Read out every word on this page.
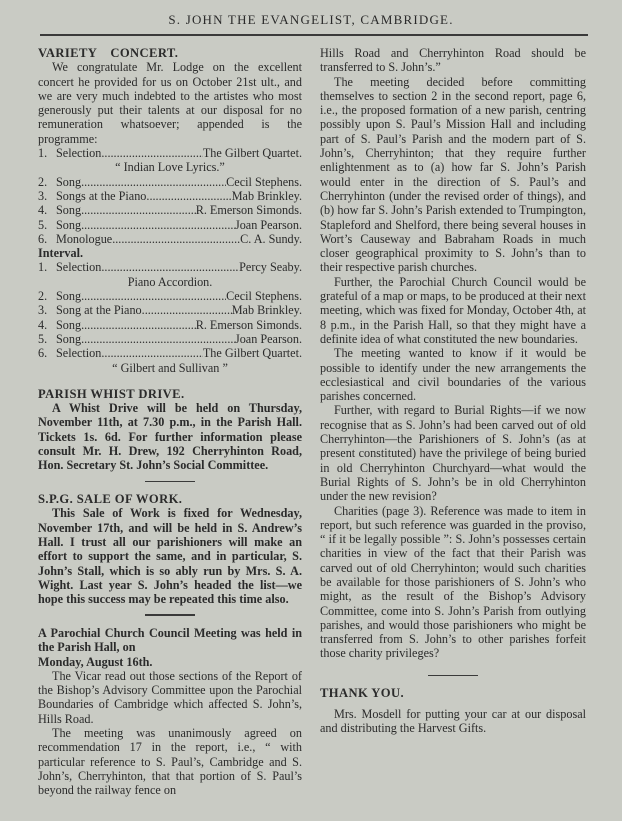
S. JOHN THE EVANGELIST, CAMBRIDGE.

VARIETY CONCERT.

We congratulate Mr. Lodge on the excellent concert he provided for us on October 21st ult., and we are very much indebted to the artistes who most generously put their talents at our disposal for no remuneration whatsoever; appended is the programme:

1. Selection .....	The Gilbert Quartet.
“ Indian Love Lyrics.”
2. Song .....	Cecil Stephens.
3. Songs at the Piano .....	Mab Brinkley.
4. Song .....	R. Emerson Simonds.
5. Song .....	Joan Pearson.
6. Monologue .....	C. A. Sundy.

Interval.

1. Selection .....	Percy Seaby.
Piano Accordion.
2. Song .....	Cecil Stephens.
3. Song at the Piano .....	Mab Brinkley.
4. Song .....	R. Emerson Simonds.
5. Song .....	Joan Pearson.
6. Selection .....	The Gilbert Quartet.
“ Gilbert and Sullivan ”

PARISH WHIST DRIVE.

A Whist Drive will be held on Thursday, November 11th, at 7.30 p.m., in the Parish Hall. Tickets 1s. 6d. For further information please consult Mr. H. Drew, 192 Cherryhinton Road, Hon. Secretary St. John’s Social Committee.

S.P.G. SALE OF WORK.

This Sale of Work is fixed for Wednesday, November 17th, and will be held in S. Andrew’s Hall. I trust all our parishioners will make an effort to support the same, and in particular, S. John’s Stall, which is so ably run by Mrs. S. A. Wight. Last year S. John’s headed the list—we hope this success may be repeated this time also.

A Parochial Church Council Meeting was held in the Parish Hall, on

Monday, August 16th.

The Vicar read out those sections of the Report of the Bishop’s Advisory Committee upon the Parochial Boundaries of Cambridge which affected S. John’s, Hills Road.

The meeting was unanimously agreed on recommendation 17 in the report, i.e., “ with particular reference to S. Paul’s, Cambridge and S. John’s, Cherryhinton, that that portion of S. Paul’s beyond the railway fence on

Hills Road and Cherryhinton Road should be transferred to S. John’s.”

The meeting decided before committing themselves to section 2 in the second report, page 6, i.e., the proposed formation of a new parish, centring possibly upon S. Paul’s Mission Hall and including part of S. Paul’s Parish and the modern part of S. John’s, Cherryhinton; that they require further enlightenment as to (a) how far S. John’s Parish would enter in the direction of S. Paul’s and Cherryhinton (under the revised order of things), and (b) how far S. John’s Parish extended to Trumpington, Stapleford and Shelford, there being several houses in Wort’s Causeway and Babraham Roads in much closer geographical proximity to S. John’s than to their respective parish churches.

Further, the Parochial Church Council would be grateful of a map or maps, to be produced at their next meeting, which was fixed for Monday, October 4th, at 8 p.m., in the Parish Hall, so that they might have a definite idea of what constituted the new boundaries.

The meeting wanted to know if it would be possible to identify under the new arrangements the ecclesiastical and civil boundaries of the various parishes concerned.

Further, with regard to Burial Rights—if we now recognise that as S. John’s had been carved out of old Cherryhinton—the Parishioners of S. John’s (as at present constituted) have the privilege of being buried in old Cherryhinton Churchyard—what would the Burial Rights of S. John’s be in old Cherryhinton under the new revision?

Charities (page 3). Reference was made to item in report, but such reference was guarded in the proviso, “ if it be legally possible ”: S. John’s possesses certain charities in view of the fact that their Parish was carved out of old Cherryhinton; would such charities be available for those parishioners of S. John’s who might, as the result of the Bishop’s Advisory Committee, come into S. John’s Parish from outlying parishes, and would those parishioners who might be transferred from S. John’s to other parishes forfeit those charity privileges?

THANK YOU.

Mrs. Mosdell for putting your car at our disposal and distributing the Harvest Gifts.
